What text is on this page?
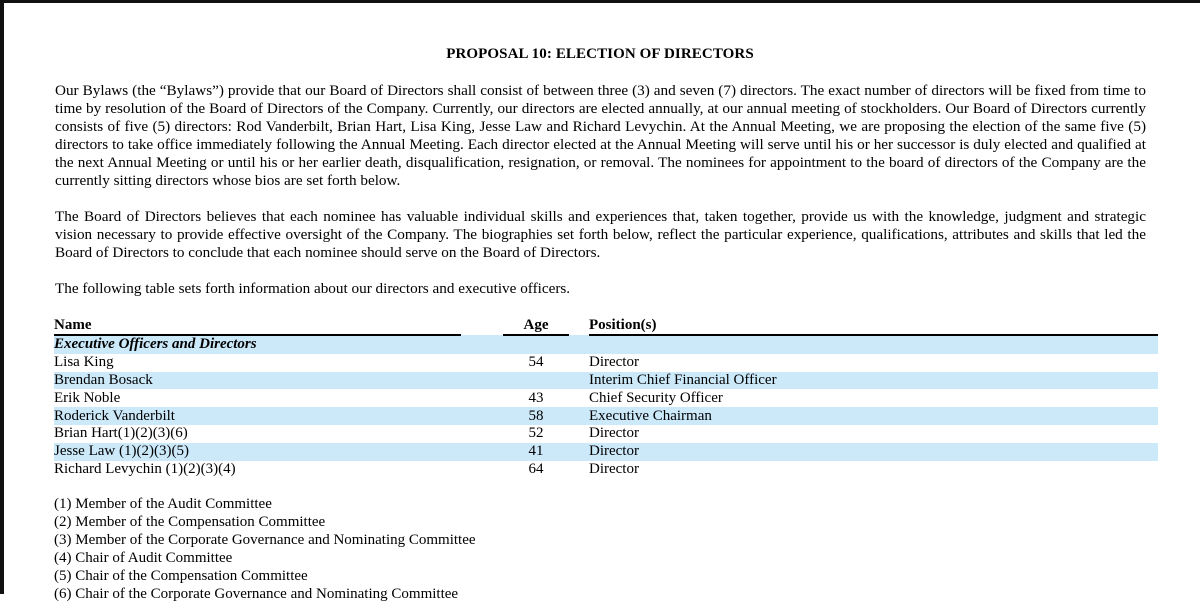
PROPOSAL 10: ELECTION OF DIRECTORS

Our Bylaws (the “Bylaws”) provide that our Board of Directors shall consist of between three (3) and seven (7) directors. The exact number of directors will be fixed from time to time by resolution of the Board of Directors of the Company. Currently, our directors are elected annually, at our annual meeting of stockholders. Our Board of Directors currently consists of five (5) directors: Rod Vanderbilt, Brian Hart, Lisa King, Jesse Law and Richard Levychin. At the Annual Meeting, we are proposing the election of the same five (5) directors to take office immediately following the Annual Meeting. Each director elected at the Annual Meeting will serve until his or her successor is duly elected and qualified at the next Annual Meeting or until his or her earlier death, disqualification, resignation, or removal. The nominees for appointment to the board of directors of the Company are the currently sitting directors whose bios are set forth below.

The Board of Directors believes that each nominee has valuable individual skills and experiences that, taken together, provide us with the knowledge, judgment and strategic vision necessary to provide effective oversight of the Company. The biographies set forth below, reflect the particular experience, qualifications, attributes and skills that led the Board of Directors to conclude that each nominee should serve on the Board of Directors.

The following table sets forth information about our directors and executive officers.

Name		Age		Position(s)
Executive Officers and Directors				
Lisa King		54		Director
Brendan Bosack				Interim Chief Financial Officer
Erik Noble		43		Chief Security Officer
Roderick Vanderbilt		58		Executive Chairman
Brian Hart(1)(2)(3)(6)		52		Director
Jesse Law (1)(2)(3)(5)		41		Director
Richard Levychin (1)(2)(3)(4)		64		Director
(1) Member of the Audit Committee
(2) Member of the Compensation Committee
(3) Member of the Corporate Governance and Nominating Committee
(4) Chair of Audit Committee
(5) Chair of the Compensation Committee
(6) Chair of the Corporate Governance and Nominating Committee
